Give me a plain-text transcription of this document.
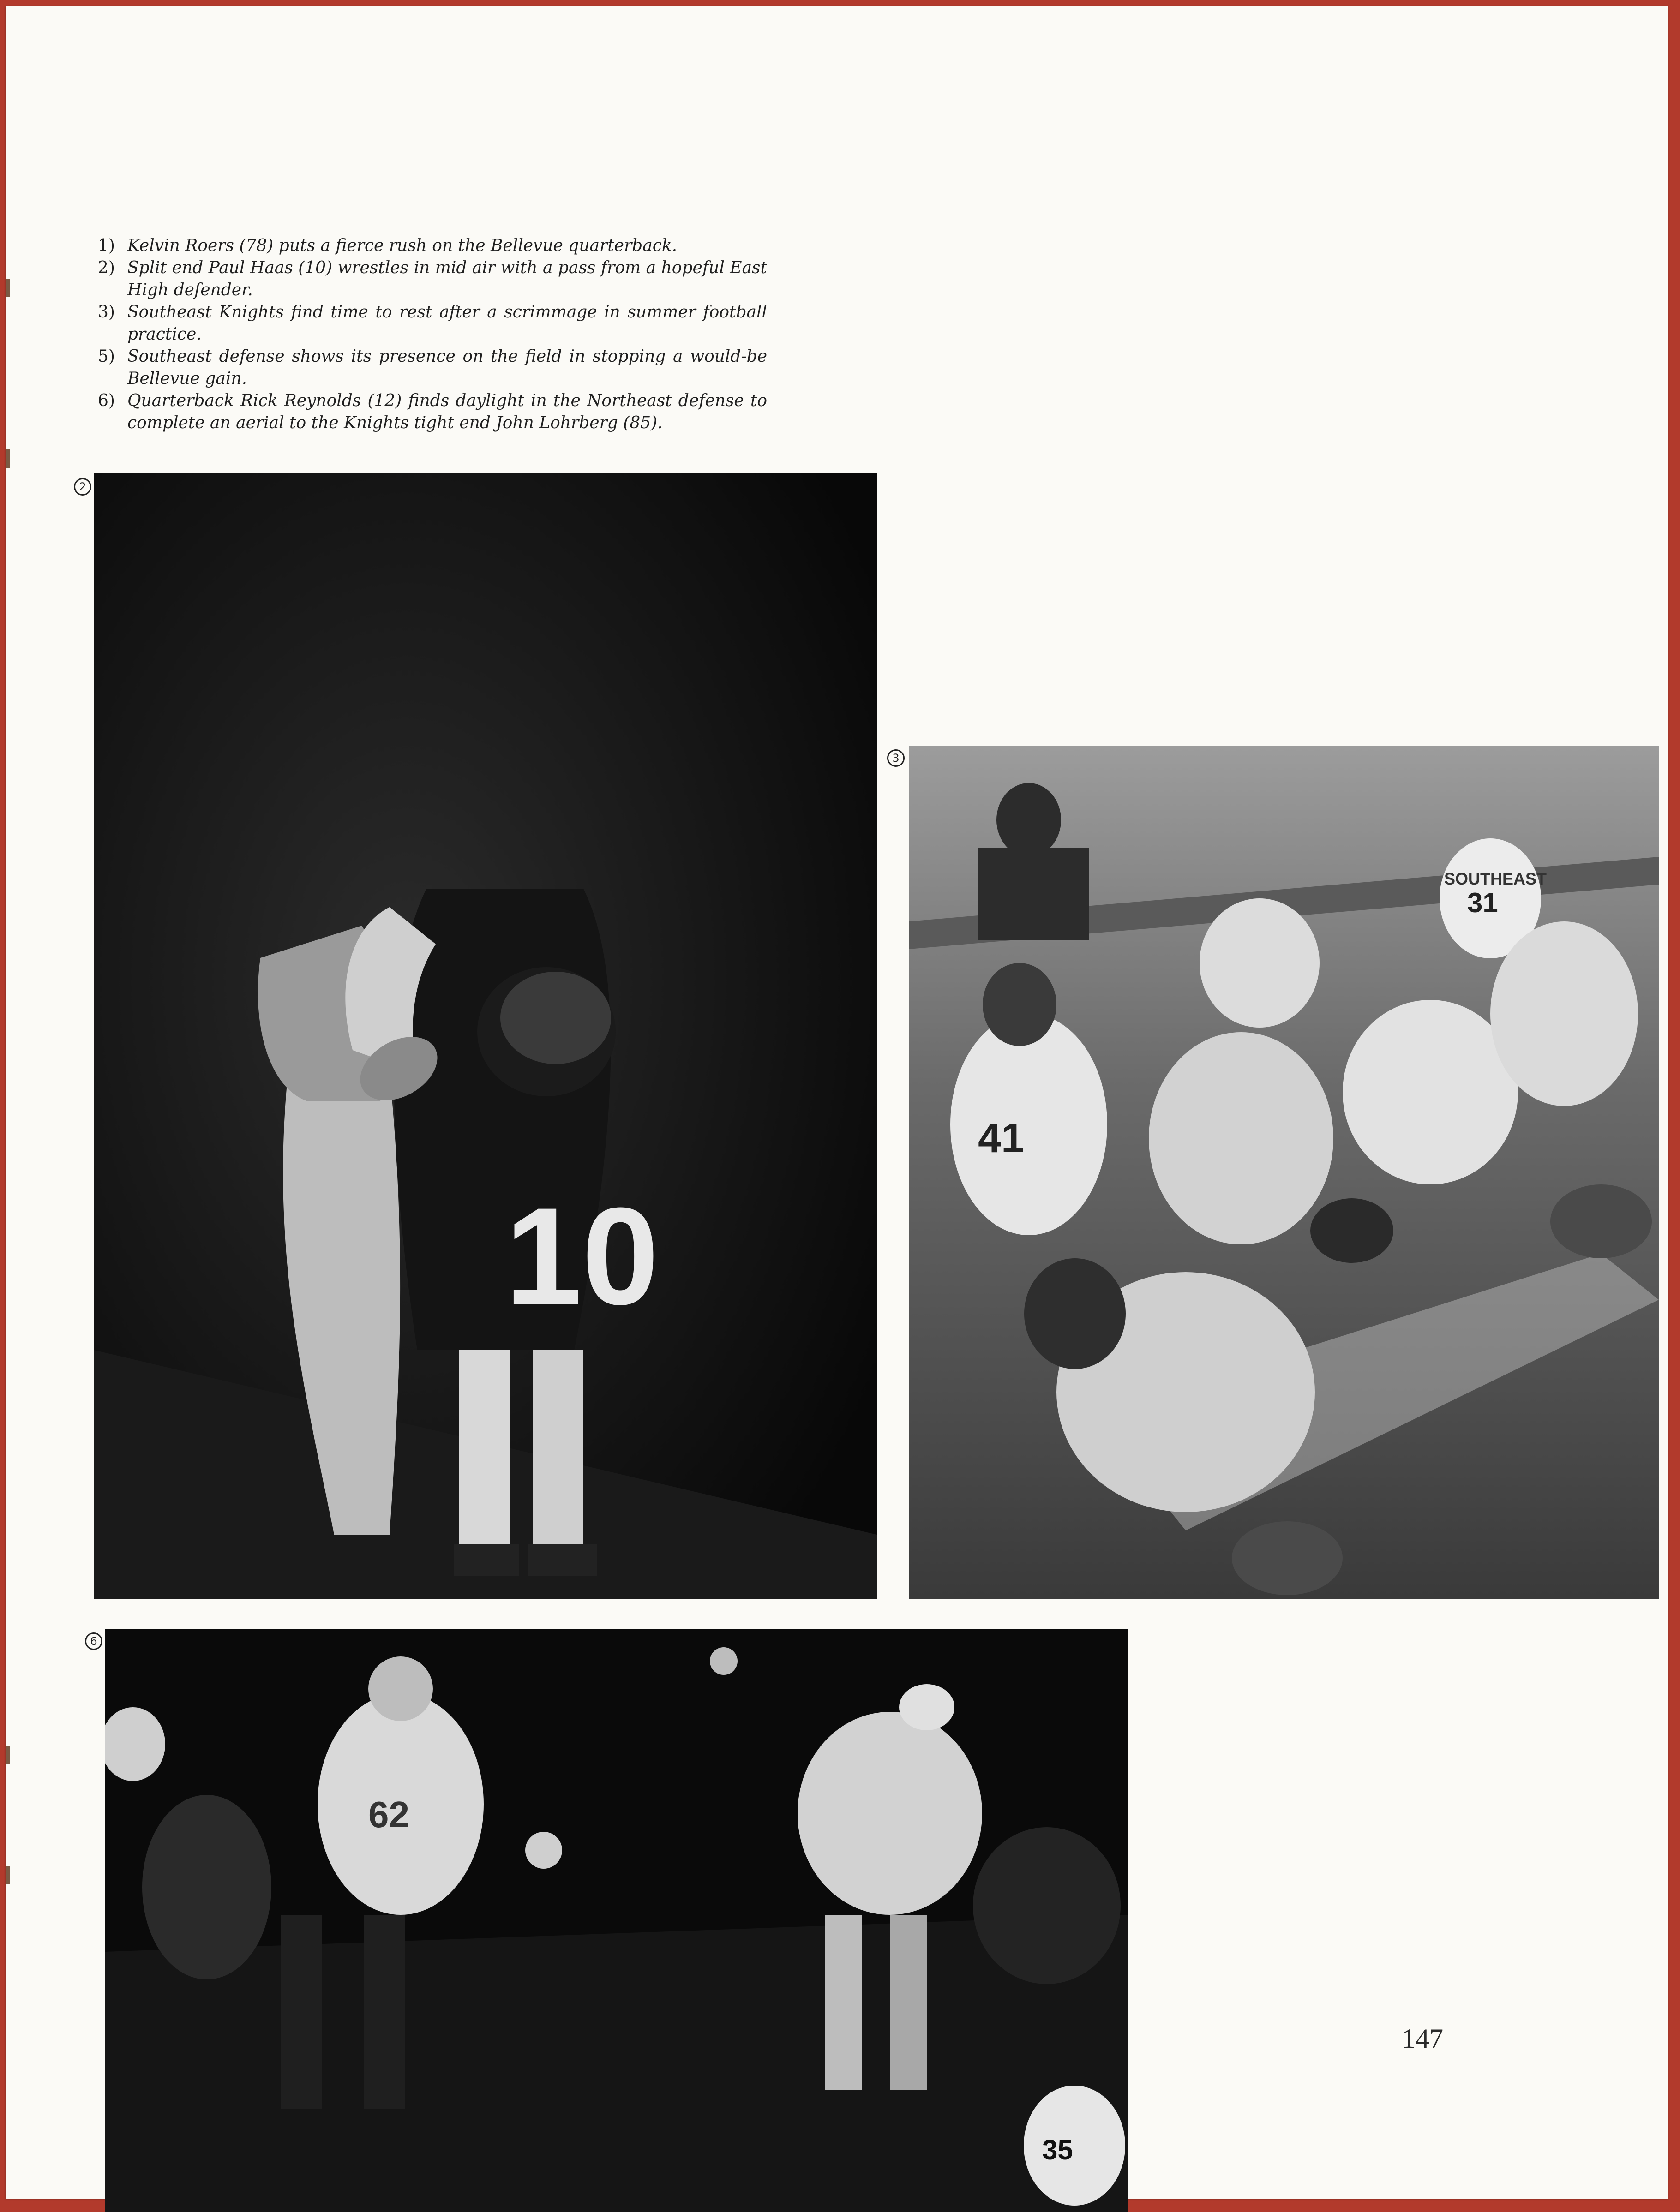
1) Kelvin Roers (78) puts a fierce rush on the Bellevue quarterback.
2) Split end Paul Haas (10) wrestles in mid air with a pass from a hopeful East High defender.
3) Southeast Knights find time to rest after a scrimmage in summer football practice.
5) Southeast defense shows its presence on the field in stopping a would-be Bellevue gain.
6) Quarterback Rick Reynolds (12) finds daylight in the Northeast defense to complete an aerial to the Knights tight end John Lohrberg (85).
2
10
3
41
31
SOUTHEAST
6
62
35
147
